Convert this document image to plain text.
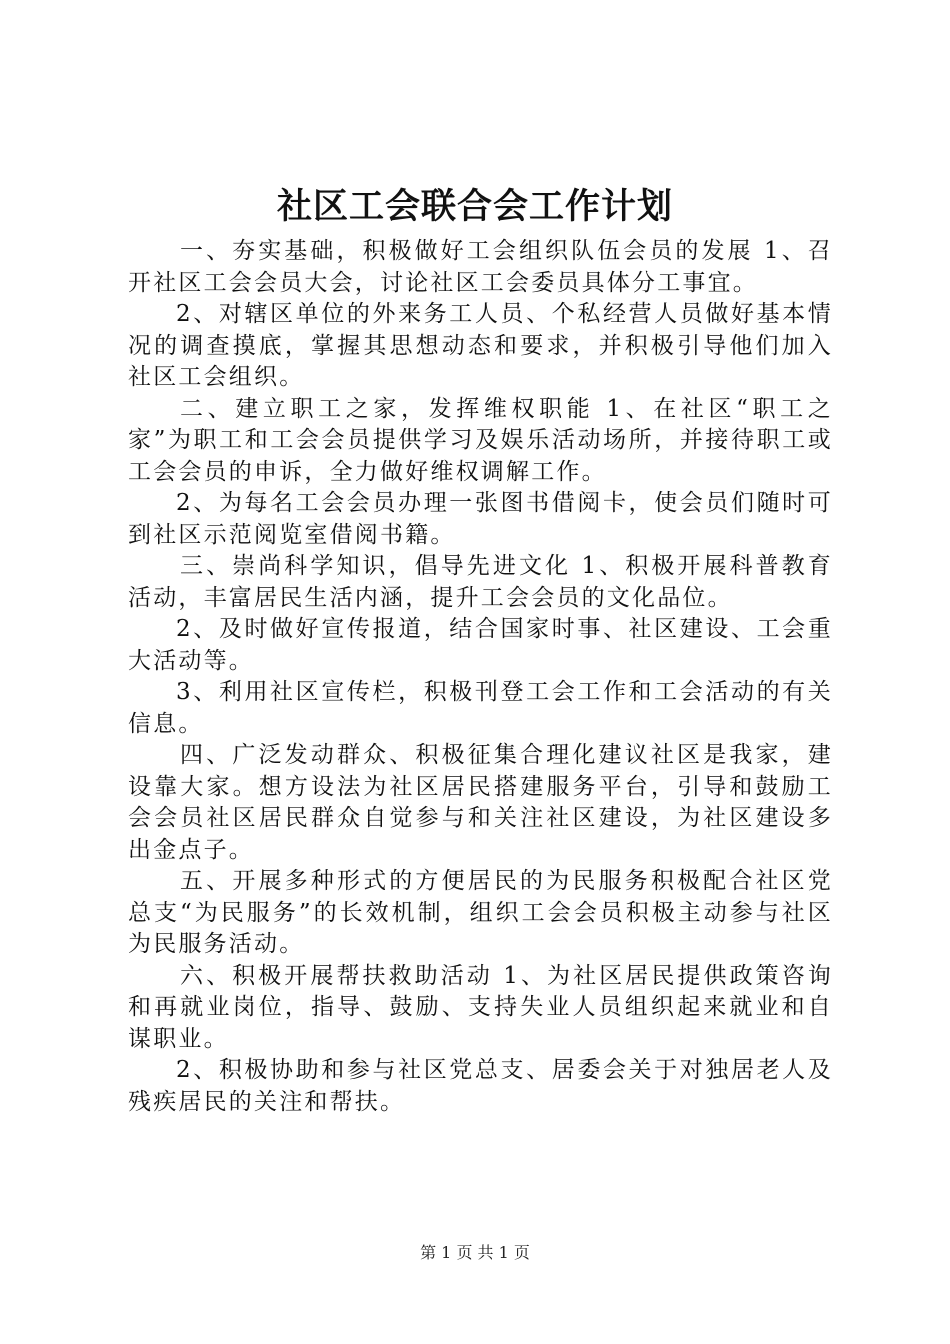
社区工会联合会工作计划

一、夯实基础，积极做好工会组织队伍会员的发展 1、召开社区工会会员大会，讨论社区工会委员具体分工事宜。

2、对辖区单位的外来务工人员、个私经营人员做好基本情况的调查摸底，掌握其思想动态和要求，并积极引导他们加入社区工会组织。

二、建立职工之家，发挥维权职能 1、在社区“职工之家”为职工和工会会员提供学习及娱乐活动场所，并接待职工或工会会员的申诉，全力做好维权调解工作。

2、为每名工会会员办理一张图书借阅卡，使会员们随时可到社区示范阅览室借阅书籍。

三、崇尚科学知识，倡导先进文化 1、积极开展科普教育活动，丰富居民生活内涵，提升工会会员的文化品位。

2、及时做好宣传报道，结合国家时事、社区建设、工会重大活动等。

3、利用社区宣传栏，积极刊登工会工作和工会活动的有关信息。

四、广泛发动群众、积极征集合理化建议社区是我家，建设靠大家。想方设法为社区居民搭建服务平台，引导和鼓励工会会员社区居民群众自觉参与和关注社区建设，为社区建设多出金点子。

五、开展多种形式的方便居民的为民服务积极配合社区党总支“为民服务”的长效机制，组织工会会员积极主动参与社区为民服务活动。

六、积极开展帮扶救助活动 1、为社区居民提供政策咨询和再就业岗位，指导、鼓励、支持失业人员组织起来就业和自谋职业。

2、积极协助和参与社区党总支、居委会关于对独居老人及残疾居民的关注和帮扶。

第 1 页 共 1 页
